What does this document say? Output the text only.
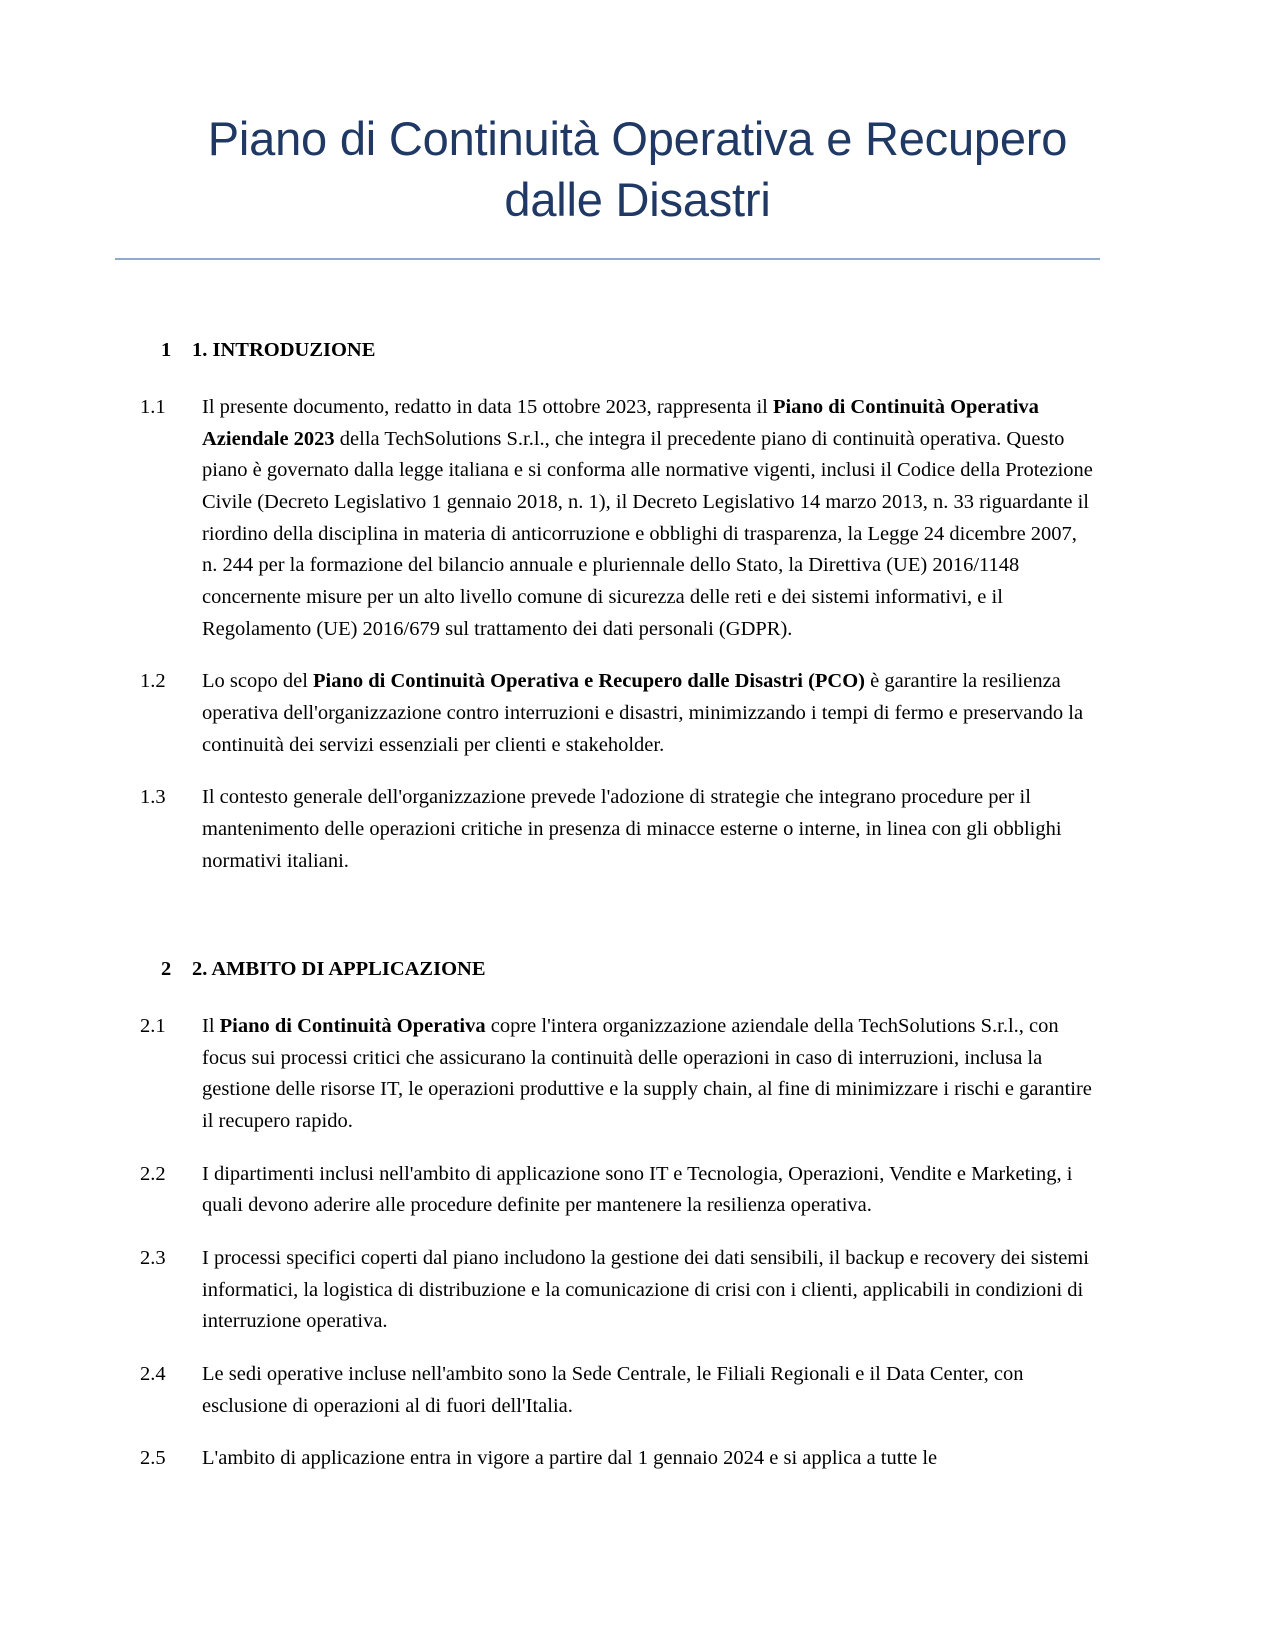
Piano di Continuità Operativa e Recupero dalle Disastri
1	1. INTRODUZIONE
1.1	Il presente documento, redatto in data 15 ottobre 2023, rappresenta il Piano di Continuità Operativa Aziendale 2023 della TechSolutions S.r.l., che integra il precedente piano di continuità operativa. Questo piano è governato dalla legge italiana e si conforma alle normative vigenti, inclusi il Codice della Protezione Civile (Decreto Legislativo 1 gennaio 2018, n. 1), il Decreto Legislativo 14 marzo 2013, n. 33 riguardante il riordino della disciplina in materia di anticorruzione e obblighi di trasparenza, la Legge 24 dicembre 2007, n. 244 per la formazione del bilancio annuale e pluriennale dello Stato, la Direttiva (UE) 2016/1148 concernente misure per un alto livello comune di sicurezza delle reti e dei sistemi informativi, e il Regolamento (UE) 2016/679 sul trattamento dei dati personali (GDPR).
1.2	Lo scopo del Piano di Continuità Operativa e Recupero dalle Disastri (PCO) è garantire la resilienza operativa dell'organizzazione contro interruzioni e disastri, minimizzando i tempi di fermo e preservando la continuità dei servizi essenziali per clienti e stakeholder.
1.3	Il contesto generale dell'organizzazione prevede l'adozione di strategie che integrano procedure per il mantenimento delle operazioni critiche in presenza di minacce esterne o interne, in linea con gli obblighi normativi italiani.
2	2. AMBITO DI APPLICAZIONE
2.1	Il Piano di Continuità Operativa copre l'intera organizzazione aziendale della TechSolutions S.r.l., con focus sui processi critici che assicurano la continuità delle operazioni in caso di interruzioni, inclusa la gestione delle risorse IT, le operazioni produttive e la supply chain, al fine di minimizzare i rischi e garantire il recupero rapido.
2.2	I dipartimenti inclusi nell'ambito di applicazione sono IT e Tecnologia, Operazioni, Vendite e Marketing, i quali devono aderire alle procedure definite per mantenere la resilienza operativa.
2.3	I processi specifici coperti dal piano includono la gestione dei dati sensibili, il backup e recovery dei sistemi informatici, la logistica di distribuzione e la comunicazione di crisi con i clienti, applicabili in condizioni di interruzione operativa.
2.4	Le sedi operative incluse nell'ambito sono la Sede Centrale, le Filiali Regionali e il Data Center, con esclusione di operazioni al di fuori dell'Italia.
2.5	L'ambito di applicazione entra in vigore a partire dal 1 gennaio 2024 e si applica a tutte le
